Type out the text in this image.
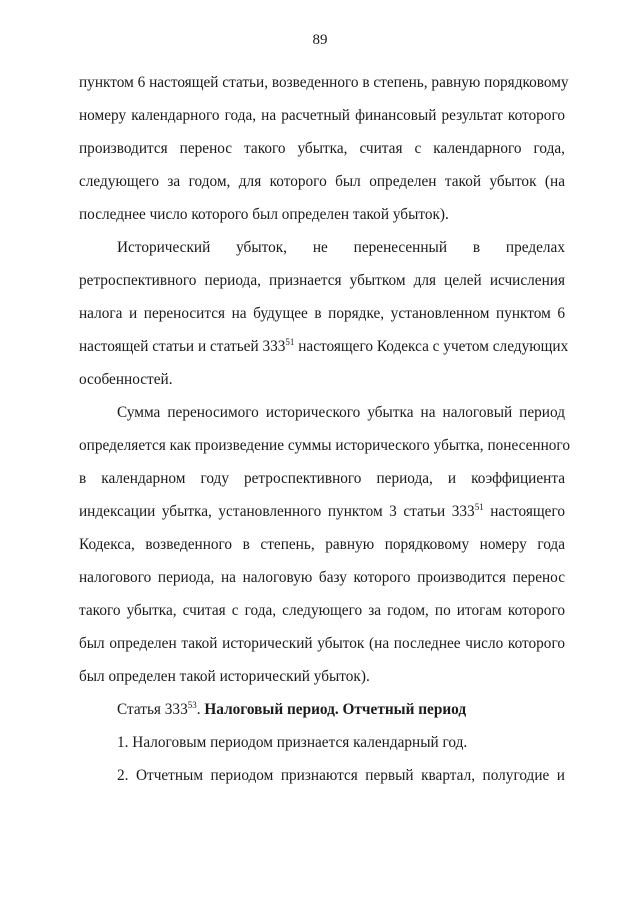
89
пунктом 6 настоящей статьи, возведенного в степень, равную порядковому
номеру календарного года, на расчетный финансовый результат которого
производится перенос такого убытка, считая с календарного года,
следующего за годом, для которого был определен такой убыток (на
последнее число которого был определен такой убыток).
Исторический убыток, не перенесенный в пределах
ретроспективного периода, признается убытком для целей исчисления
налога и переносится на будущее в порядке, установленном пунктом 6
настоящей статьи и статьей $333^{51}$ настоящего Кодекса с учетом следующих
особенностей.
Сумма переносимого исторического убытка на налоговый период
определяется как произведение суммы исторического убытка, понесенного
в календарном году ретроспективного периода, и коэффициента
индексации убытка, установленного пунктом 3 статьи $333^{51}$ настоящего
Кодекса, возведенного в степень, равную порядковому номеру года
налогового периода, на налоговую базу которого производится перенос
такого убытка, считая с года, следующего за годом, по итогам которого
был определен такой исторический убыток (на последнее число которого
был определен такой исторический убыток).
Статья $333^{53}$. Налоговый период. Отчетный период
1. Налоговым периодом признается календарный год.
2. Отчетным периодом признаются первый квартал, полугодие и
